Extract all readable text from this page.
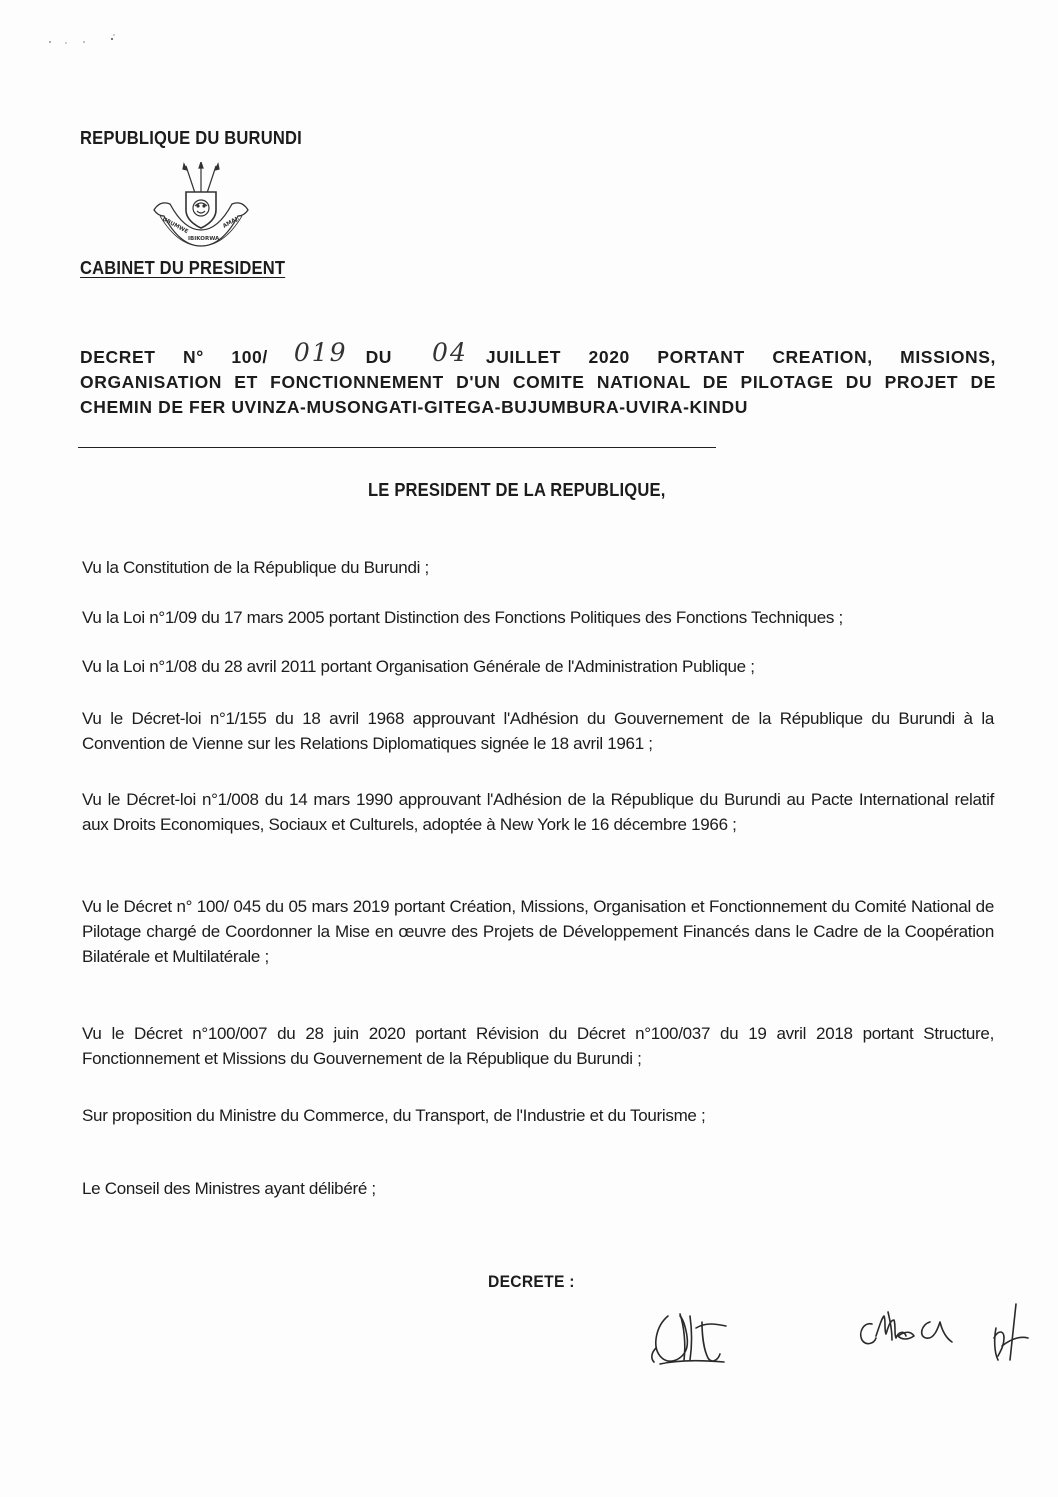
REPUBLIQUE DU BURUNDI
UBUMWE
IBIKORWA
AMAJ.
CABINET DU PRESIDENT
DECRET N° 100/ 019 DU 04 JUILLET 2020 PORTANT CREATION, MISSIONS, ORGANISATION ET FONCTIONNEMENT D'UN COMITE NATIONAL DE PILOTAGE DU PROJET DE CHEMIN DE FER UVINZA-MUSONGATI-GITEGA-BUJUMBURA-UVIRA-KINDU
LE PRESIDENT DE LA REPUBLIQUE,
Vu la Constitution de la République du Burundi ;
Vu la Loi n°1/09 du 17 mars 2005 portant Distinction des Fonctions Politiques des Fonctions Techniques ;
Vu la Loi n°1/08 du 28 avril 2011 portant Organisation Générale de l'Administration Publique ;
Vu le Décret-loi n°1/155 du 18 avril 1968 approuvant l'Adhésion du Gouvernement de la République du Burundi à la Convention de Vienne sur les Relations Diplomatiques signée le 18 avril 1961 ;
Vu le Décret-loi n°1/008 du 14 mars 1990 approuvant l'Adhésion de la République du Burundi au Pacte International relatif aux Droits Economiques, Sociaux et Culturels, adoptée à New York le 16 décembre 1966 ;
Vu le Décret n° 100/ 045 du 05 mars 2019 portant Création, Missions, Organisation et Fonctionnement du Comité National de Pilotage chargé de Coordonner la Mise en œuvre des Projets de Développement Financés dans le Cadre de la Coopération Bilatérale et Multilatérale ;
Vu le Décret n°100/007 du 28 juin 2020 portant Révision du Décret n°100/037 du 19 avril 2018 portant Structure, Fonctionnement et Missions du Gouvernement de la République du Burundi ;
Sur proposition du Ministre du Commerce, du Transport, de l'Industrie et du Tourisme ;
Le Conseil des Ministres ayant délibéré ;
DECRETE :
